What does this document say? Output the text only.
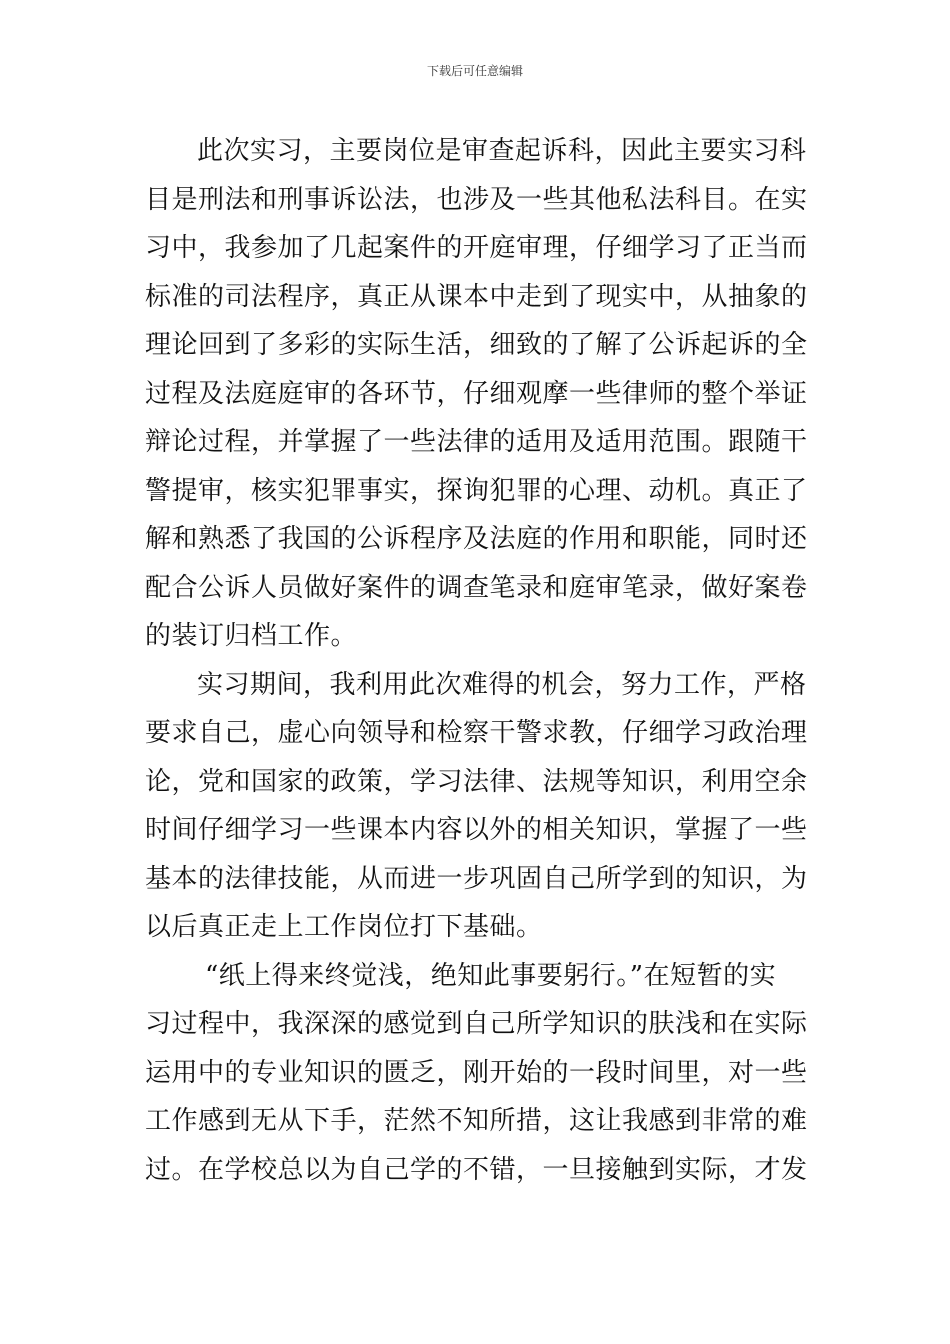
下载后可任意编辑
此次实习，主要岗位是审查起诉科，因此主要实习科
目是刑法和刑事诉讼法，也涉及一些其他私法科目。在实
习中，我参加了几起案件的开庭审理，仔细学习了正当而
标准的司法程序，真正从课本中走到了现实中，从抽象的
理论回到了多彩的实际生活，细致的了解了公诉起诉的全
过程及法庭庭审的各环节，仔细观摩一些律师的整个举证
辩论过程，并掌握了一些法律的适用及适用范围。跟随干
警提审，核实犯罪事实，探询犯罪的心理、动机。真正了
解和熟悉了我国的公诉程序及法庭的作用和职能，同时还
配合公诉人员做好案件的调查笔录和庭审笔录，做好案卷
的装订归档工作。
实习期间，我利用此次难得的机会，努力工作，严格
要求自己，虚心向领导和检察干警求教，仔细学习政治理
论，党和国家的政策，学习法律、法规等知识，利用空余
时间仔细学习一些课本内容以外的相关知识，掌握了一些
基本的法律技能，从而进一步巩固自己所学到的知识，为
以后真正走上工作岗位打下基础。
“纸上得来终觉浅，绝知此事要躬行。”在短暂的实
习过程中，我深深的感觉到自己所学知识的肤浅和在实际
运用中的专业知识的匮乏，刚开始的一段时间里，对一些
工作感到无从下手，茫然不知所措，这让我感到非常的难
过。在学校总以为自己学的不错，一旦接触到实际，才发
